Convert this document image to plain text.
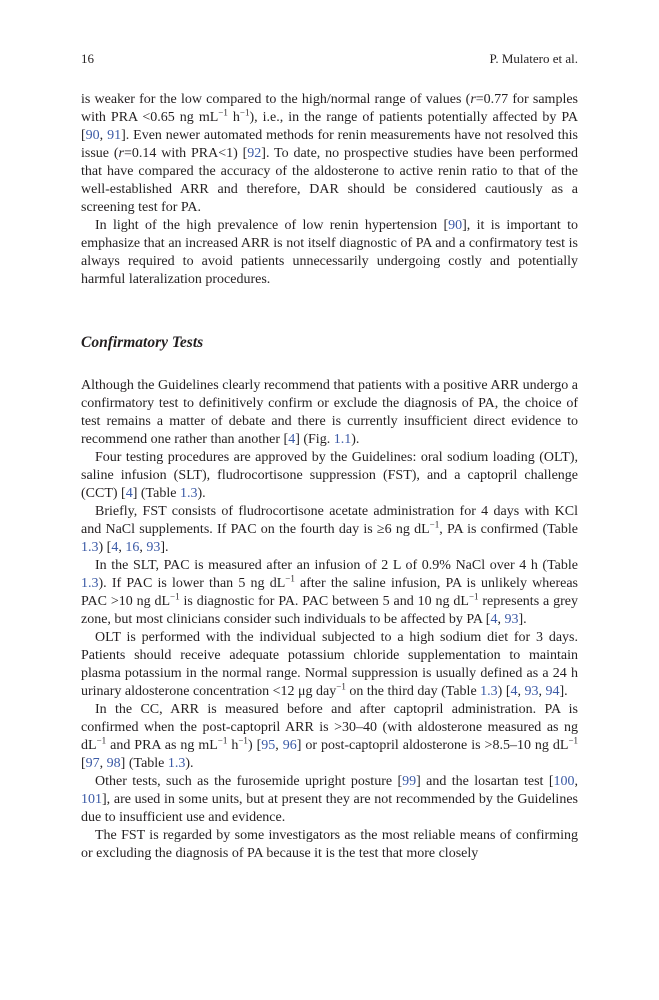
16	P. Mulatero et al.

is weaker for the low compared to the high/normal range of values (r=0.77 for samples with PRA <0.65 ng $mL^{-1}$ $h^{-1}$), i.e., in the range of patients potentially affected by PA [90, 91]. Even newer automated methods for renin measurements have not resolved this issue (r=0.14 with PRA<1) [92]. To date, no prospective studies have been performed that have compared the accuracy of the aldosterone to active renin ratio to that of the well-established ARR and therefore, DAR should be considered cautiously as a screening test for PA.

In light of the high prevalence of low renin hypertension [90], it is important to emphasize that an increased ARR is not itself diagnostic of PA and a confirmatory test is always required to avoid patients unnecessarily undergoing costly and potentially harmful lateralization procedures.

Confirmatory Tests

Although the Guidelines clearly recommend that patients with a positive ARR undergo a confirmatory test to definitively confirm or exclude the diagnosis of PA, the choice of test remains a matter of debate and there is currently insufficient direct evidence to recommend one rather than another [4] (Fig. 1.1).

Four testing procedures are approved by the Guidelines: oral sodium loading (OLT), saline infusion (SLT), fludrocortisone suppression (FST), and a captopril challenge (CCT) [4] (Table 1.3).

Briefly, FST consists of fludrocortisone acetate administration for 4 days with KCl and NaCl supplements. If PAC on the fourth day is ≥6 ng $dL^{-1}$, PA is confirmed (Table 1.3) [4, 16, 93].

In the SLT, PAC is measured after an infusion of 2 L of 0.9% NaCl over 4 h (Table 1.3). If PAC is lower than 5 ng $dL^{-1}$ after the saline infusion, PA is unlikely whereas PAC >10 ng $dL^{-1}$ is diagnostic for PA. PAC between 5 and 10 ng $dL^{-1}$ represents a grey zone, but most clinicians consider such individuals to be affected by PA [4, 93].

OLT is performed with the individual subjected to a high sodium diet for 3 days. Patients should receive adequate potassium chloride supplementation to maintain plasma potassium in the normal range. Normal suppression is usually defined as a 24 h urinary aldosterone concentration <12 μg day$^{-1}$ on the third day (Table 1.3) [4, 93, 94].

In the CC, ARR is measured before and after captopril administration. PA is confirmed when the post-captopril ARR is >30–40 (with aldosterone measured as ng $dL^{-1}$ and PRA as ng $mL^{-1}$ $h^{-1}$) [95, 96] or post-captopril aldosterone is >8.5–10 ng $dL^{-1}$ [97, 98] (Table 1.3).

Other tests, such as the furosemide upright posture [99] and the losartan test [100, 101], are used in some units, but at present they are not recommended by the Guidelines due to insufficient use and evidence.

The FST is regarded by some investigators as the most reliable means of confirming or excluding the diagnosis of PA because it is the test that more closely
